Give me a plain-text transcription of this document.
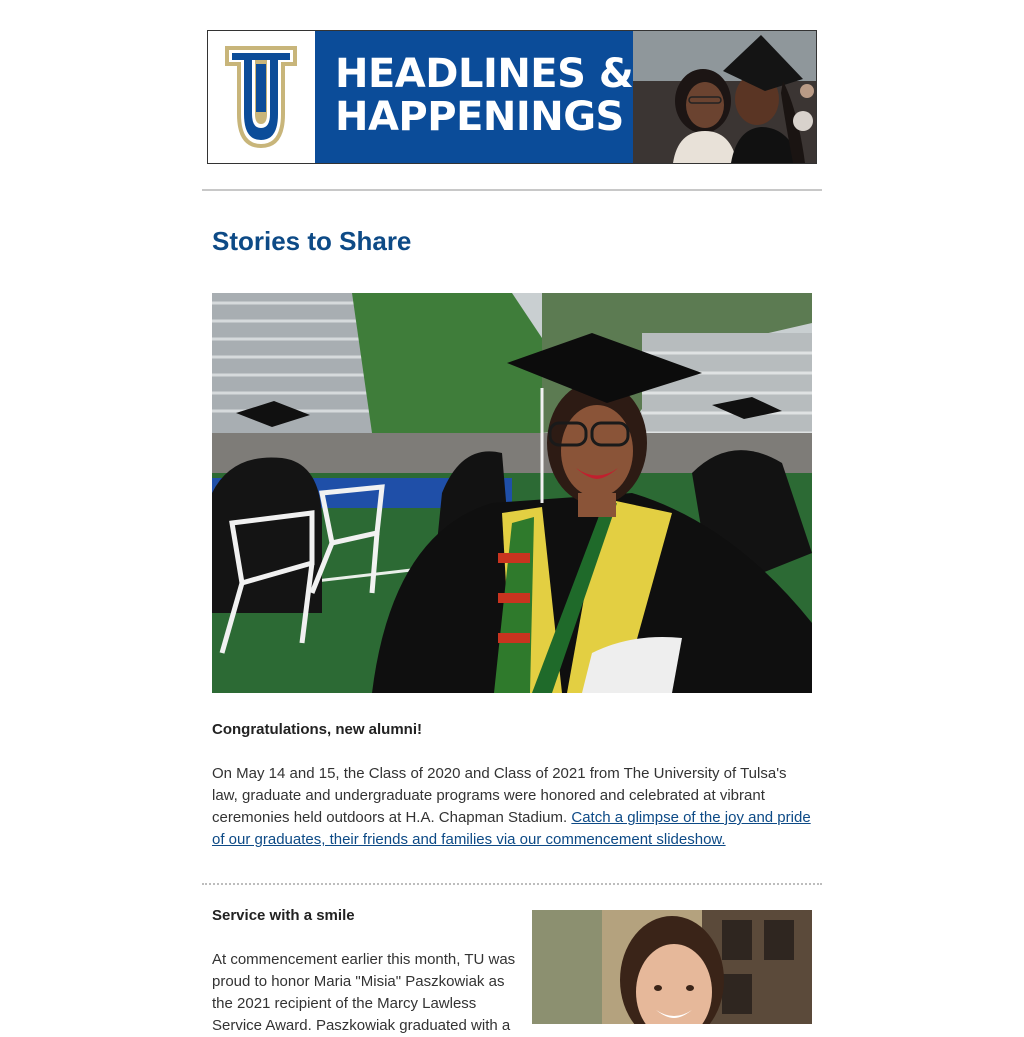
HEADLINES &
HAPPENINGS
Stories to Share
Congratulations, new alumni!
On May 14 and 15, the Class of 2020 and Class of 2021 from The University of Tulsa's law, graduate and undergraduate programs were honored and celebrated at vibrant ceremonies held outdoors at H.A. Chapman Stadium. Catch a glimpse of the joy and pride of our graduates, their friends and families via our commencement slideshow.
Service with a smile
At commencement earlier this month, TU was proud to honor Maria "Misia" Paszkowiak as the 2021 recipient of the Marcy Lawless Service Award. Paszkowiak graduated with a
